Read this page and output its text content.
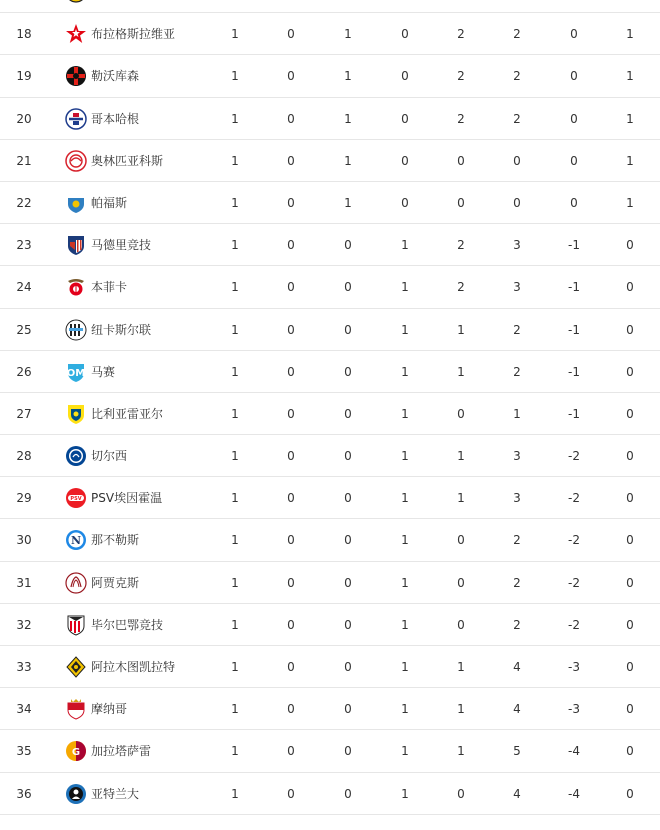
18	布拉格斯拉维亚	1	0	1	0	2	2	0	1
19	勒沃库森	1	0	1	0	2	2	0	1
20	哥本哈根	1	0	1	0	2	2	0	1
21	奥林匹亚科斯	1	0	1	0	0	0	0	1
22	帕福斯	1	0	1	0	0	0	0	1
23	马德里竞技	1	0	0	1	2	3	-1	0
24	本菲卡	1	0	0	1	2	3	-1	0
25	纽卡斯尔联	1	0	0	1	1	2	-1	0
26	OM 马赛	1	0	0	1	1	2	-1	0
27	比利亚雷亚尔	1	0	0	1	0	1	-1	0
28	切尔西	1	0	0	1	1	3	-2	0
29	PSV PSV埃因霍温	1	0	0	1	1	3	-2	0
30	N 那不勒斯	1	0	0	1	0	2	-2	0
31	阿贾克斯	1	0	0	1	0	2	-2	0
32	毕尔巴鄂竞技	1	0	0	1	0	2	-2	0
33	阿拉木图凯拉特	1	0	0	1	1	4	-3	0
34	摩纳哥	1	0	0	1	1	4	-3	0
35	G 加拉塔萨雷	1	0	0	1	1	5	-4	0
36	亚特兰大	1	0	0	1	0	4	-4	0
